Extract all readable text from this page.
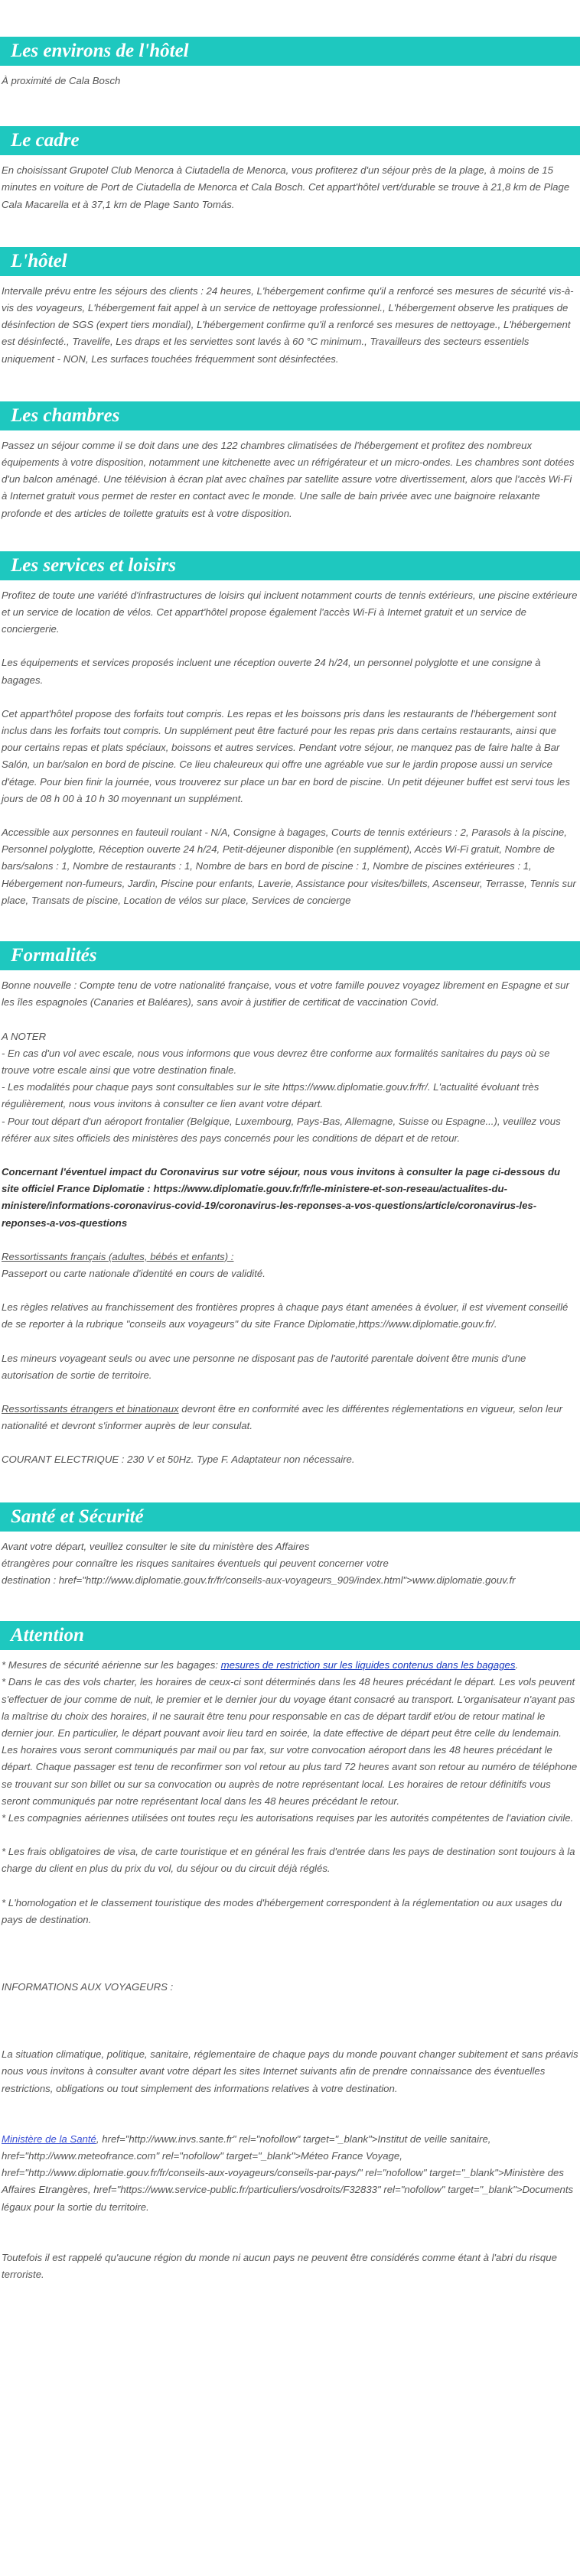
Les environs de l'hôtel

À proximité de Cala Bosch

Le cadre

En choisissant Grupotel Club Menorca à Ciutadella de Menorca, vous profiterez d'un séjour près de la plage, à moins de 15 minutes en voiture de Port de Ciutadella de Menorca et Cala Bosch. Cet appart'hôtel vert/durable se trouve à 21,8 km de Plage Cala Macarella et à 37,1 km de Plage Santo Tomás.

L'hôtel

Intervalle prévu entre les séjours des clients : 24 heures, L'hébergement confirme qu'il a renforcé ses mesures de sécurité vis-à-vis des voyageurs, L'hébergement fait appel à un service de nettoyage professionnel., L'hébergement observe les pratiques de désinfection de SGS (expert tiers mondial), L'hébergement confirme qu'il a renforcé ses mesures de nettoyage., L'hébergement est désinfecté., Travelife, Les draps et les serviettes sont lavés à 60 °C minimum., Travailleurs des secteurs essentiels uniquement - NON, Les surfaces touchées fréquemment sont désinfectées.

Les chambres

Passez un séjour comme il se doit dans une des 122 chambres climatisées de l'hébergement et profitez des nombreux équipements à votre disposition, notamment une kitchenette avec un réfrigérateur et un micro-ondes. Les chambres sont dotées d'un balcon aménagé. Une télévision à écran plat avec chaînes par satellite assure votre divertissement, alors que l'accès Wi-Fi à Internet gratuit vous permet de rester en contact avec le monde. Une salle de bain privée avec une baignoire relaxante profonde et des articles de toilette gratuits est à votre disposition.

Les services et loisirs

Profitez de toute une variété d'infrastructures de loisirs qui incluent notamment courts de tennis extérieurs, une piscine extérieure et un service de location de vélos. Cet appart'hôtel propose également l'accès Wi-Fi à Internet gratuit et un service de conciergerie.

Les équipements et services proposés incluent une réception ouverte 24 h/24, un personnel polyglotte et une consigne à bagages.

Cet appart'hôtel propose des forfaits tout compris. Les repas et les boissons pris dans les restaurants de l'hébergement sont inclus dans les forfaits tout compris. Un supplément peut être facturé pour les repas pris dans certains restaurants, ainsi que pour certains repas et plats spéciaux, boissons et autres services. Pendant votre séjour, ne manquez pas de faire halte à Bar Salón, un bar/salon en bord de piscine. Ce lieu chaleureux qui offre une agréable vue sur le jardin propose aussi un service d'étage. Pour bien finir la journée, vous trouverez sur place un bar en bord de piscine. Un petit déjeuner buffet est servi tous les jours de 08 h 00 à 10 h 30 moyennant un supplément.

Accessible aux personnes en fauteuil roulant - N/A, Consigne à bagages, Courts de tennis extérieurs : 2, Parasols à la piscine, Personnel polyglotte, Réception ouverte 24 h/24, Petit-déjeuner disponible (en supplément), Accès Wi-Fi gratuit, Nombre de bars/salons : 1, Nombre de restaurants : 1, Nombre de bars en bord de piscine : 1, Nombre de piscines extérieures : 1, Hébergement non-fumeurs, Jardin, Piscine pour enfants, Laverie, Assistance pour visites/billets, Ascenseur, Terrasse, Tennis sur place, Transats de piscine, Location de vélos sur place, Services de concierge

Formalités

Bonne nouvelle : Compte tenu de votre nationalité française, vous et votre famille pouvez voyagez librement en Espagne et sur les îles espagnoles (Canaries et Baléares), sans avoir à justifier de certificat de vaccination Covid.

A NOTER

- En cas d'un vol avec escale, nous vous informons que vous devrez être conforme aux formalités sanitaires du pays où se trouve votre escale ainsi que votre destination finale.
- Les modalités pour chaque pays sont consultables sur le site https://www.diplomatie.gouv.fr/fr/. L'actualité évoluant très régulièrement, nous vous invitons à consulter ce lien avant votre départ.
- Pour tout départ d'un aéroport frontalier (Belgique, Luxembourg, Pays-Bas, Allemagne, Suisse ou Espagne...), veuillez vous référer aux sites officiels des ministères des pays concernés pour les conditions de départ et de retour.

Concernant l'éventuel impact du Coronavirus sur votre séjour, nous vous invitons à consulter la page ci-dessous du site officiel France Diplomatie : https://www.diplomatie.gouv.fr/fr/le-ministere-et-son-reseau/actualites-du-ministere/informations-coronavirus-covid-19/coronavirus-les-reponses-a-vos-questions/article/coronavirus-les-reponses-a-vos-questions

Ressortissants français (adultes, bébés et enfants) :

Passeport ou carte nationale d'identité en cours de validité.

Les règles relatives au franchissement des frontières propres à chaque pays étant amenées à évoluer, il est vivement conseillé de se reporter à la rubrique "conseils aux voyageurs" du site France Diplomatie,https://www.diplomatie.gouv.fr/.

Les mineurs voyageant seuls ou avec une personne ne disposant pas de l'autorité parentale doivent être munis d'une autorisation de sortie de territoire.

Ressortissants étrangers et binationaux devront être en conformité avec les différentes réglementations en vigueur, selon leur nationalité et devront s'informer auprès de leur consulat.

COURANT ELECTRIQUE : 230 V et 50Hz. Type F. Adaptateur non nécessaire.

Santé et Sécurité

Avant votre départ, veuillez consulter le site du ministère des Affaires
étrangères pour connaître les risques sanitaires éventuels qui peuvent concerner votre
destination : href="http://www.diplomatie.gouv.fr/fr/conseils-aux-voyageurs_909/index.html">www.diplomatie.gouv.fr

Attention

* Mesures de sécurité aérienne sur les bagages: mesures de restriction sur les liquides contenus dans les bagages.

* Dans le cas des vols charter, les horaires de ceux-ci sont déterminés dans les 48 heures précédant le départ. Les vols peuvent s'effectuer de jour comme de nuit, le premier et le dernier jour du voyage étant consacré au transport. L'organisateur n'ayant pas la maîtrise du choix des horaires, il ne saurait être tenu pour responsable en cas de départ tardif et/ou de retour matinal le dernier jour. En particulier, le départ pouvant avoir lieu tard en soirée, la date effective de départ peut être celle du lendemain. Les horaires vous seront communiqués par mail ou par fax, sur votre convocation aéroport dans les 48 heures précédant le départ. Chaque passager est tenu de reconfirmer son vol retour au plus tard 72 heures avant son retour au numéro de téléphone se trouvant sur son billet ou sur sa convocation ou auprès de notre représentant local. Les horaires de retour définitifs vous seront communiqués par notre représentant local dans les 48 heures précédant le retour.

* Les compagnies aériennes utilisées ont toutes reçu les autorisations requises par les autorités compétentes de l'aviation civile.

* Les frais obligatoires de visa, de carte touristique et en général les frais d'entrée dans les pays de destination sont toujours à la charge du client en plus du prix du vol, du séjour ou du circuit déjà réglés.

* L'homologation et le classement touristique des modes d'hébergement correspondent à la réglementation ou aux usages du pays de destination.

INFORMATIONS AUX VOYAGEURS :

La situation climatique, politique, sanitaire, réglementaire de chaque pays du monde pouvant changer subitement et sans préavis
nous vous invitons à consulter avant votre départ les sites Internet suivants afin de prendre connaissance des éventuelles restrictions, obligations ou tout simplement des informations relatives à votre destination.

Ministère de la Santé, href="http://www.invs.sante.fr" rel="nofollow" target="_blank">Institut de veille sanitaire, href="http://www.meteofrance.com" rel="nofollow" target="_blank">Méteo France Voyage, href="http://www.diplomatie.gouv.fr/fr/conseils-aux-voyageurs/conseils-par-pays/" rel="nofollow" target="_blank">Ministère des Affaires Etrangères, href="https://www.service-public.fr/particuliers/vosdroits/F32833" rel="nofollow" target="_blank">Documents légaux pour la sortie du territoire.

Toutefois il est rappelé qu'aucune région du monde ni aucun pays ne peuvent être considérés comme étant à l'abri du risque terroriste.
